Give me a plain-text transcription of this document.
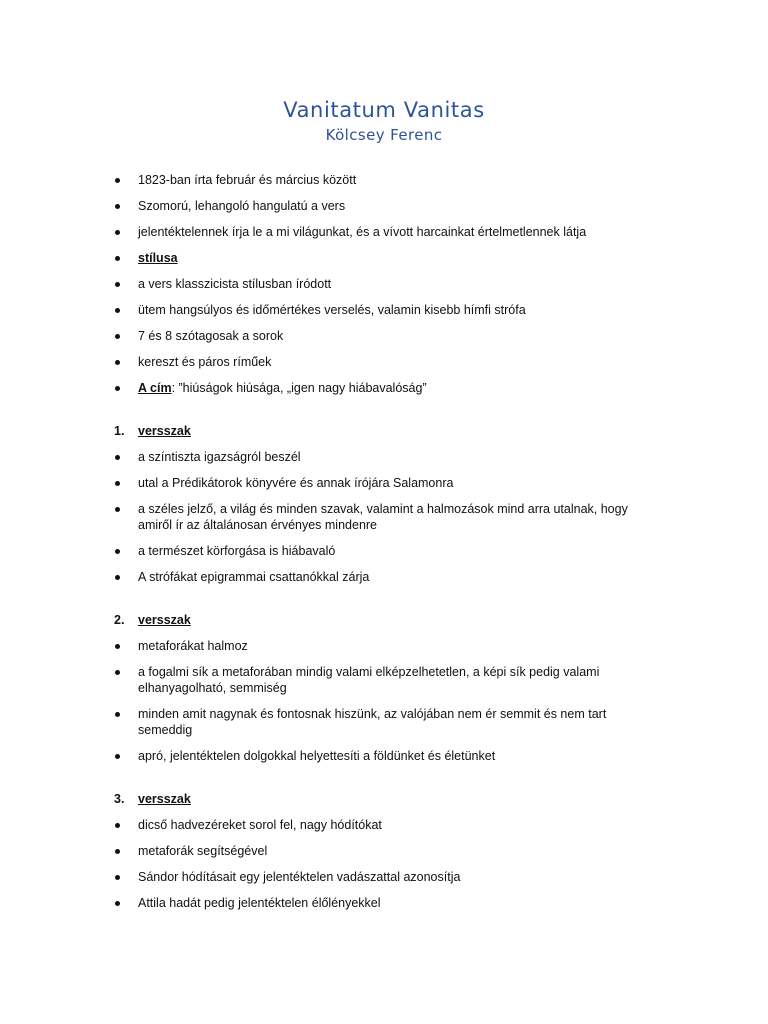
Vanitatum Vanitas
Kölcsey Ferenc
1823-ban írta február és március között
Szomorú, lehangoló hangulatú a vers
jelentéktelennek írja le a mi világunkat, és a vívott harcainkat értelmetlennek látja
stílusa
a vers klasszicista stílusban íródott
ütem hangsúlyos és időmértékes verselés, valamin kisebb hímfi strófa
7 és 8 szótagosak a sorok
kereszt és páros rímű̋ek
A cím: ”hiúságok hiúsága, „igen nagy hiábavalóság”
1. versszak
a színtiszta igazságról beszél
utal a Prédikátorok könyvére és annak írójára Salamonra
a széles jelző, a világ és minden szavak, valamint a halmozások mind arra utalnak, hogy
amiről ír az általánosan érvényes mindenre
a természet körforgása is hiábavaló
A strófákat epigrammai csattanókkal zárja
2. versszak
metaforákat halmoz
a fogalmi sík a metaforában mindig valami elképzelhetetlen, a képi sík pedig valami
elhanyagolható, semmiség
minden amit nagynak és fontosnak hiszünk, az valójában nem ér semmit és nem tart
semeddig
apró, jelentéktelen dolgokkal helyettesíti a földünket és életünket
3. versszak
dicső hadvezéreket sorol fel, nagy hódítókat
metaforák segítségével
Sándor hódításait egy jelentéktelen vadászattal azonosítja
Attila hadát pedig jelentéktelen élőlényekkel
